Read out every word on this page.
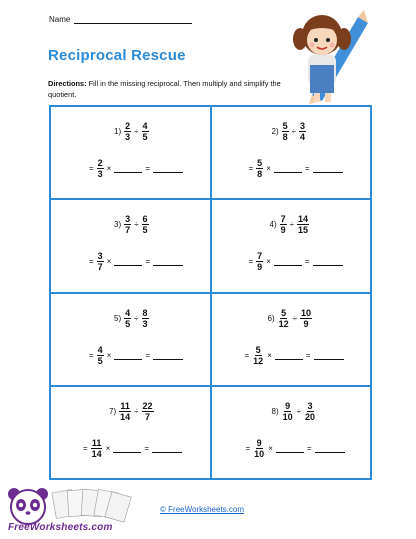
Name
Reciprocal Rescue
Directions: Fill in the missing reciprocal. Then multiply and simplify the quotient.
$1) \frac{2}{3} \div \frac{4}{5}$
= $\frac{2}{3}$ ×	=
$2) \frac{5}{8} \div \frac{3}{4}$
= $\frac{5}{8}$ ×	=
$3) \frac{3}{7} \div \frac{6}{5}$
= $\frac{3}{7}$ ×	=
$4) \frac{7}{9} \div \frac{14}{15}$
= $\frac{7}{9}$ ×	=
$5) \frac{4}{5} \div \frac{8}{3}$
= $\frac{4}{5}$ ×	=
$6) \frac{5}{12} \div \frac{10}{9}$
= $\frac{5}{12}$ ×	=
$7) \frac{11}{14} \div \frac{22}{7}$
= $\frac{11}{14}$ ×	=
$8) \frac{9}{10} \div \frac{3}{20}$
= $\frac{9}{10}$ ×	=
FreeWorksheets.com
© FreeWorksheets.com
